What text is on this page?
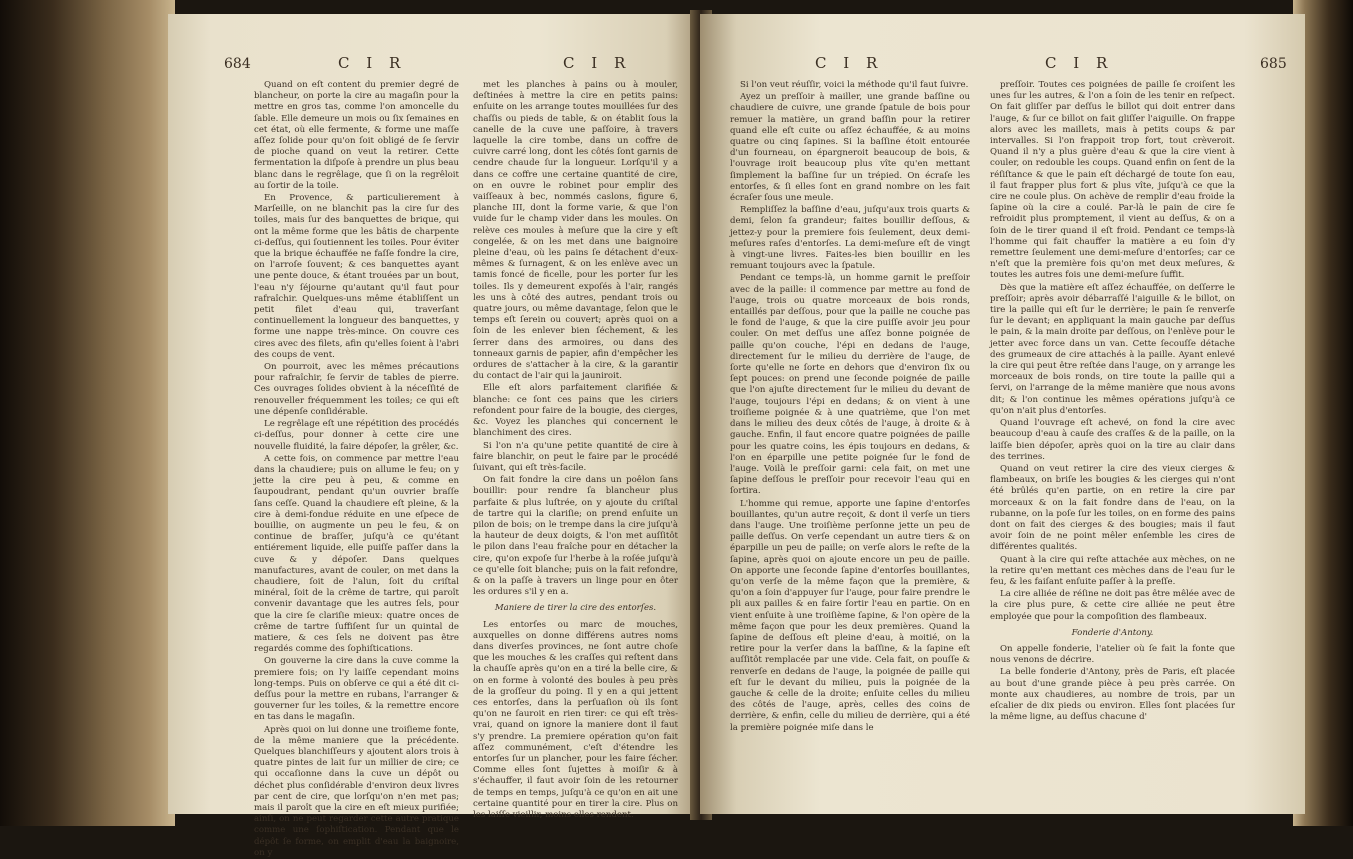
684	C I R	C I R

Quand on eſt content du premier degré de blancheur, on porte la cire au magaſin pour la mettre en gros tas, comme l'on amoncelle du ſable. Elle demeure un mois ou ſix ſemaines en cet état, où elle fermente, & forme une maſſe aſſez ſolide pour qu'on ſoit obligé de ſe ſervir de pioche quand on veut la retirer. Cette fermentation la diſpoſe à prendre un plus beau blanc dans le regrêlage, que ſi on la regrêloit au ſortir de la toile.

En Provence, & particulierement à Marſeille, on ne blanchit pas la cire ſur des toiles, mais ſur des banquettes de brique, qui ont la même forme que les bâtis de charpente ci-deſſus, qui ſoutiennent les toiles. Pour éviter que la brique échauffée ne faſſe fondre la cire, on l'arroſe ſouvent; & ces banquettes ayant une pente douce, & étant trouées par un bout, l'eau n'y ſéjourne qu'autant qu'il faut pour rafraîchir. Quelques-uns même établiſſent un petit filet d'eau qui, traverſant continuellement la longueur des banquettes, y forme une nappe très-mince. On couvre ces cires avec des filets, afin qu'elles ſoient à l'abri des coups de vent.

On pourroit, avec les mêmes précautions pour rafraîchir, ſe ſervir de tables de pierre. Ces ouvrages ſolides obvient à la néceſſité de renouveller fréquemment les toiles; ce qui eſt une dépenſe conſidérable.

Le regrêlage eſt une répétition des procédés ci-deſſus, pour donner à cette cire une nouvelle fluidité, la faire dépoſer, la grêler, &c.

A cette fois, on commence par mettre l'eau dans la chaudiere; puis on allume le feu; on y jette la cire peu à peu, & comme en ſaupoudrant, pendant qu'un ouvrier braſſe ſans ceſſe. Quand la chaudiere eſt pleine, & la cire à demi-fondue réduite en une eſpece de bouillie, on augmente un peu le feu, & on continue de braſſer, juſqu'à ce qu'étant entiérement liquide, elle puiſſe paſſer dans la cuve & y dépoſer. Dans quelques manufactures, avant de couler, on met dans la chaudiere, ſoit de l'alun, ſoit du criſtal minéral, ſoit de la crême de tartre, qui paroît convenir davantage que les autres ſels, pour que la cire ſe clariſie mieux: quatre onces de crême de tartre ſuffiſent ſur un quintal de matiere, & ces ſels ne doivent pas être regardés comme des ſophiſtications.

On gouverne la cire dans la cuve comme la premiere fois; on l'y laiſſe cependant moins long-temps. Puis on obſerve ce qui a été dit ci-deſſus pour la mettre en rubans, l'arranger & gouverner ſur les toiles, & la remettre encore en tas dans le magaſin.

Après quoi on lui donne une troiſieme fonte, de la même maniere que la précédente. Quelques blanchiſſeurs y ajoutent alors trois à quatre pintes de lait ſur un millier de cire; ce qui occaſionne dans la cuve un dépôt ou déchet plus conſidérable d'environ deux livres par cent de cire, que lorſqu'on n'en met pas; mais il paroît que la cire en eſt mieux purifiée; ainſi, on ne peut regarder cette autre pratique comme une ſophiſtication. Pendant que le dépôt ſe forme, on emplit d'eau la baignoire, on y

met les planches à pains ou à mouler, deſtinées à mettre la cire en petits pains: enſuite on les arrange toutes mouillées ſur des chaſſis ou pieds de table, & on établit ſous la canelle de la cuve une paſſoire, à travers laquelle la cire tombe, dans un coffre de cuivre carré long, dont les côtés ſont garnis de cendre chaude ſur la longueur. Lorſqu'il y a dans ce coffre une certaine quantité de cire, on en ouvre le robinet pour emplir des vaiſſeaux à bec, nommés caslons, figure 6, planche III, dont la forme varie, & que l'on vuide ſur le champ vider dans les moules. On relève ces moules à meſure que la cire y eſt congelée, & on les met dans une baignoire pleine d'eau, où les pains ſe détachent d'eux-mêmes & ſurnagent, & on les enlève avec un tamis foncé de ficelle, pour les porter ſur les toiles. Ils y demeurent expoſés à l'air, rangés les uns à côté des autres, pendant trois ou quatre jours, ou même davantage, ſelon que le temps eſt ſerein ou couvert; après quoi on a ſoin de les enlever bien ſéchement, & les ſerrer dans des armoires, ou dans des tonneaux garnis de papier, afin d'empêcher les ordures de s'attacher à la cire, & la garantir du contact de l'air qui la jauniroit.

Elle eſt alors parfaitement clarifiée & blanche: ce ſont ces pains que les ciriers refondent pour faire de la bougie, des cierges, &c. Voyez les planches qui concernent le blanchiment des cires.

Si l'on n'a qu'une petite quantité de cire à faire blanchir, on peut le faire par le procédé ſuivant, qui eſt très-facile.

On fait fondre la cire dans un poêlon ſans bouillir: pour rendre ſa blancheur plus parfaite & plus luſtrée, on y ajoute du criſtal de tartre qui la clariſie; on prend enſuite un pilon de bois; on le trempe dans la cire juſqu'à la hauteur de deux doigts, & l'on met auſſitôt le pilon dans l'eau fraîche pour en détacher la cire, qu'on expoſe ſur l'herbe à la roſée juſqu'à ce qu'elle ſoit blanche; puis on la fait refondre, & on la paſſe à travers un linge pour en ôter les ordures s'il y en a.

Maniere de tirer la cire des entorſes.

Les entorſes ou marc de mouches, auxquelles on donne différens autres noms dans diverſes provinces, ne ſont autre choſe que les mouches & les craſſes qui reſtent dans la chauſſe après qu'on en a tiré la belle cire, & on en forme à volonté des boules à peu près de la groſſeur du poing. Il y en a qui jettent ces entorſes, dans la perſuaſion où ils ſont qu'on ne ſauroit en rien tirer: ce qui eſt très-vrai, quand on ignore la maniere dont il faut s'y prendre. La premiere opération qu'on fait aſſez communément, c'eſt d'étendre les entorſes ſur un plancher, pour les faire ſécher. Comme elles ſont ſujettes à moiſir & à s'échauffer, il faut avoir ſoin de les retourner de temps en temps, juſqu'à ce qu'on en ait une certaine quantité pour en tirer la cire. Plus on les laiſſe vieillir, moins elles rendent.

C I R	C I R	685

Si l'on veut réuſſir, voici la méthode qu'il faut ſuivre.

Ayez un preſſoir à mailler, une grande baſſine ou chaudiere de cuivre, une grande ſpatule de bois pour remuer la matière, un grand baſſin pour la retirer quand elle eſt cuite ou aſſez échauffée, & au moins quatre ou cinq ſapines. Si la baſſine étoit entourée d'un fourneau, on épargneroit beaucoup de bois, & l'ouvrage iroit beaucoup plus vîte qu'en mettant ſimplement la baſſine ſur un trépied. On écraſe les entorſes, & ſi elles ſont en grand nombre on les fait écraſer ſous une meule.

Rempliſſez la baſſine d'eau, juſqu'aux trois quarts & demi, ſelon ſa grandeur; faites bouillir deſſous, & jettez-y pour la premiere fois ſeulement, deux demi-meſures raſes d'entorſes. La demi-meſure eſt de vingt à vingt-une livres. Faites-les bien bouillir en les remuant toujours avec la ſpatule.

Pendant ce temps-là, un homme garnit le preſſoir avec de la paille: il commence par mettre au fond de l'auge, trois ou quatre morceaux de bois ronds, entaillés par deſſous, pour que la paille ne couche pas le fond de l'auge, & que la cire puiſſe avoir jeu pour couler. On met deſſus une aſſez bonne poignée de paille qu'on couche, l'épi en dedans de l'auge, directement ſur le milieu du derrière de l'auge, de ſorte qu'elle ne ſorte en dehors que d'environ ſix ou ſept pouces: on prend une ſeconde poignée de paille que l'on ajuſte directement ſur le milieu du devant de l'auge, toujours l'épi en dedans; & on vient à une troiſieme poignée & à une quatrième, que l'on met dans le milieu des deux côtés de l'auge, à droite & à gauche. Enfin, il faut encore quatre poignées de paille pour les quatre coins, les épis toujours en dedans, & l'on en éparpille une petite poignée ſur le fond de l'auge. Voilà le preſſoir garni: cela fait, on met une ſapine deſſous le preſſoir pour recevoir l'eau qui en ſortira.

L'homme qui remue, apporte une ſapine d'entorſes bouillantes, qu'un autre reçoit, & dont il verſe un tiers dans l'auge. Une troiſième perſonne jette un peu de paille deſſus. On verſe cependant un autre tiers & on éparpille un peu de paille; on verſe alors le reſte de la ſapine, après quoi on ajoute encore un peu de paille. On apporte une ſeconde ſapine d'entorſes bouillantes, qu'on verſe de la même façon que la première, & qu'on a ſoin d'appuyer ſur l'auge, pour faire prendre le pli aux pailles & en faire ſortir l'eau en partie. On en vient enſuite à une troiſième ſapine, & l'on opère de la même façon que pour les deux premières. Quand la ſapine de deſſous eſt pleine d'eau, à moitié, on la retire pour la verſer dans la baſſine, & la ſapine eſt auſſitôt remplacée par une vide. Cela fait, on pouſſe & renverſe en dedans de l'auge, la poignée de paille qui eſt ſur le devant du milieu, puis la poignée de la gauche & celle de la droite; enſuite celles du milieu des côtés de l'auge, après, celles des coins de derrière, & enfin, celle du milieu de derrière, qui a été la première poignée miſe dans le

preſſoir. Toutes ces poignées de paille ſe croiſent les unes ſur les autres, & l'on a ſoin de les tenir en reſpect. On fait gliſſer par deſſus le billot qui doit entrer dans l'auge, & ſur ce billot on fait gliſſer l'aiguille. On frappe alors avec les maillets, mais à petits coups & par intervalles. Si l'on frappoit trop fort, tout crèveroit. Quand il n'y a plus guère d'eau & que la cire vient à couler, on redouble les coups. Quand enfin on ſent de la réſiſtance & que le pain eſt déchargé de toute ſon eau, il faut frapper plus fort & plus vîte, juſqu'à ce que la cire ne coule plus. On achève de remplir d'eau froide la ſapine où la cire a coulé. Par-là le pain de cire ſe refroidit plus promptement, il vient au deſſus, & on a ſoin de le tirer quand il eſt froid. Pendant ce temps-là l'homme qui fait chauffer la matière a eu ſoin d'y remettre ſeulement une demi-meſure d'entorſes; car ce n'eſt que la première fois qu'on met deux meſures, & toutes les autres fois une demi-meſure ſuffit.

Dès que la matière eſt aſſez échauffée, on deſſerre le preſſoir; après avoir débarraſſé l'aiguille & le billot, on tire la paille qui eſt ſur le derrière; le pain ſe renverſe ſur le devant; en appliquant la main gauche par deſſus le pain, & la main droite par deſſous, on l'enlève pour le jetter avec force dans un van. Cette ſecouſſe détache des grumeaux de cire attachés à la paille. Ayant enlevé la cire qui peut être reſtée dans l'auge, on y arrange les morceaux de bois ronds, on tire toute la paille qui a ſervi, on l'arrange de la même manière que nous avons dit; & l'on continue les mêmes opérations juſqu'à ce qu'on n'ait plus d'entorſes.

Quand l'ouvrage eſt achevé, on fond la cire avec beaucoup d'eau à cauſe des craſſes & de la paille, on la laiſſe bien dépoſer, après quoi on la tire au clair dans des terrines.

Quand on veut retirer la cire des vieux cierges & flambeaux, on briſe les bougies & les cierges qui n'ont été brûlés qu'en partie, on en retire la cire par morceaux & on la fait fondre dans de l'eau, on la rubanne, on la poſe ſur les toiles, on en forme des pains dont on fait des cierges & des bougies; mais il faut avoir ſoin de ne point mêler enſemble les cires de différentes qualités.

Quant à la cire qui reſte attachée aux mèches, on ne la retire qu'en mettant ces mèches dans de l'eau ſur le feu, & les faiſant enſuite paſſer à la preſſe.

La cire alliée de réſine ne doit pas être mêlée avec de la cire plus pure, & cette cire alliée ne peut être employée que pour la compoſition des flambeaux.

Fonderie d'Antony.

On appelle fonderie, l'atelier où ſe fait la fonte que nous venons de décrire.

La belle fonderie d'Antony, près de Paris, eſt placée au bout d'une grande pièce à peu près carrée. On monte aux chaudieres, au nombre de trois, par un eſcalier de dix pieds ou environ. Elles ſont placées ſur la même ligne, au deſſus chacune d'
